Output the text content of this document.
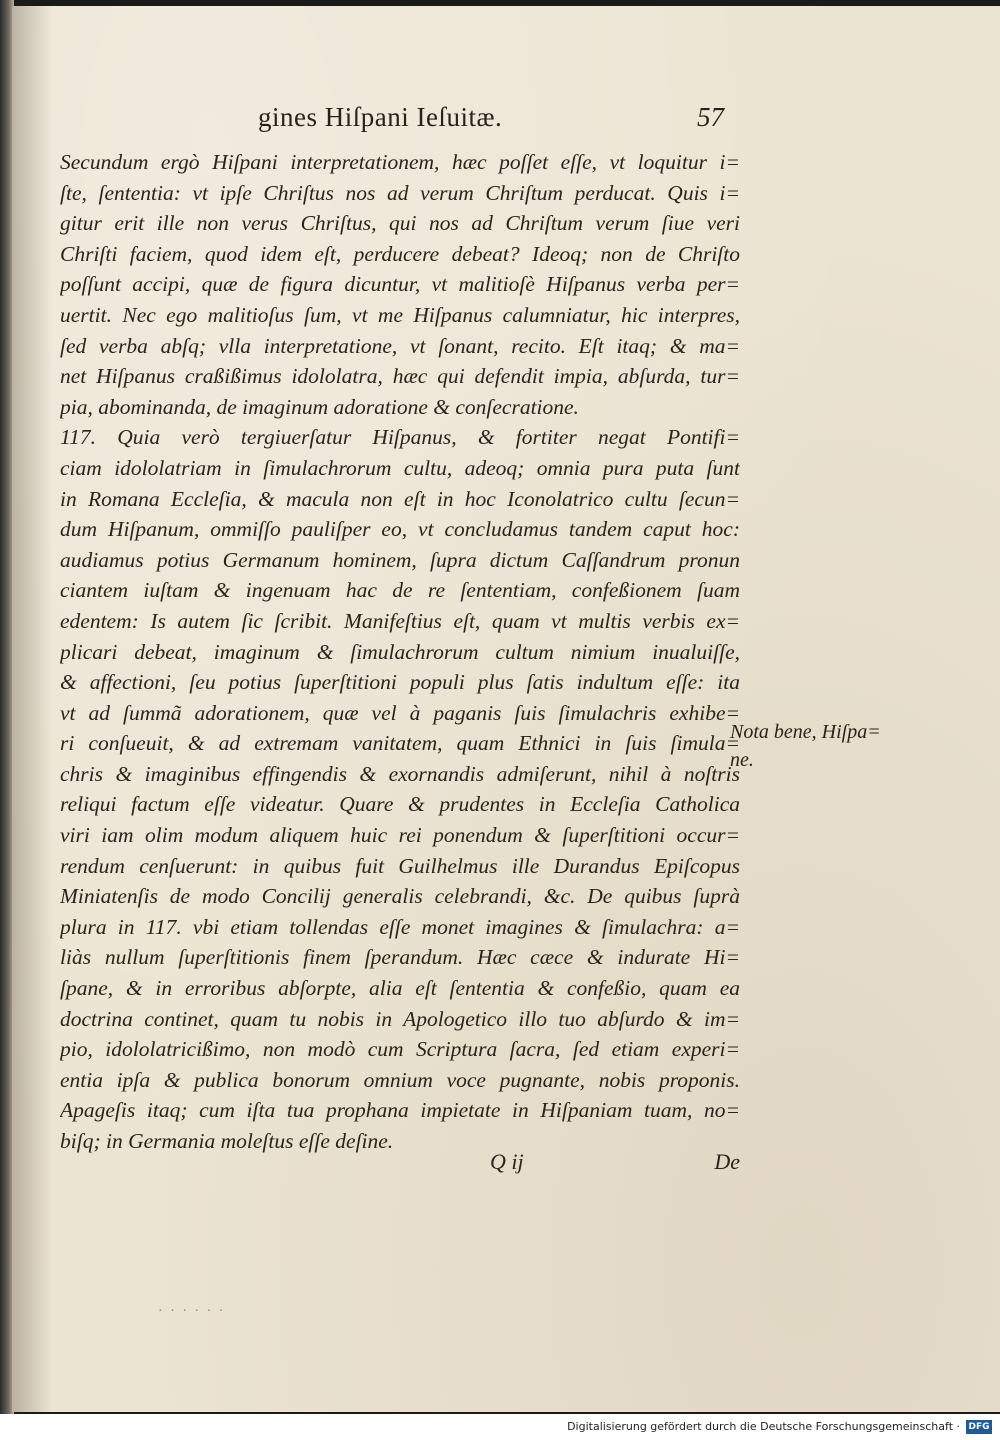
gines Hiſpani Ieſuitæ.	57
Secundum ergò Hiſpani interpretationem, hæc poſſet eſſe, vt loquitur i=
ſte, ſententia: vt ipſe Chriſtus nos ad verum Chriſtum perducat. Quis i=
gitur erit ille non verus Chriſtus, qui nos ad Chriſtum verum ſiue veri
Chriſti faciem, quod idem eſt, perducere debeat? Ideoq; non de Chriſto
poſſunt accipi, quæ de figura dicuntur, vt malitioſè Hiſpanus verba per=
uertit. Nec ego malitioſus ſum, vt me Hiſpanus calumniatur, hic interpres,
ſed verba abſq; vlla interpretatione, vt ſonant, recito. Eſt itaq; & ma=
net Hiſpanus craßißimus idololatra, hæc qui defendit impia, abſurda, tur=
pia, abominanda, de imaginum adoratione & conſecratione.
117. Quia verò tergiuerſatur Hiſpanus, & fortiter negat Pontifi=
ciam idololatriam in ſimulachrorum cultu, adeoq; omnia pura puta ſunt
in Romana Eccleſia, & macula non eſt in hoc Iconolatrico cultu ſecun=
dum Hiſpanum, ommiſſo pauliſper eo, vt concludamus tandem caput hoc:
audiamus potius Germanum hominem, ſupra dictum Caſſandrum pronun
ciantem iuſtam & ingenuam hac de re ſententiam, confeßionem ſuam
edentem: Is autem ſic ſcribit. Manifeſtius eſt, quam vt multis verbis ex=
plicari debeat, imaginum & ſimulachrorum cultum nimium inualuiſſe,
& affectioni, ſeu potius ſuperſtitioni populi plus ſatis indultum eſſe: ita
vt ad ſummã adorationem, quæ vel à paganis ſuis ſimulachris exhibe=
ri conſueuit, & ad extremam vanitatem, quam Ethnici in ſuis ſimula=
chris & imaginibus effingendis & exornandis admiſerunt, nihil à noſtris
reliqui factum eſſe videatur. Quare & prudentes in Eccleſia Catholica
viri iam olim modum aliquem huic rei ponendum & ſuperſtitioni occur=
rendum cenſuerunt: in quibus fuit Guilhelmus ille Durandus Epiſcopus
Miniatenſis de modo Concilij generalis celebrandi, &c. De quibus ſuprà
plura in 117. vbi etiam tollendas eſſe monet imagines & ſimulachra: a=
liàs nullum ſuperſtitionis finem ſperandum. Hæc cæce & indurate Hi=
ſpane, & in erroribus abſorpte, alia eſt ſententia & confeßio, quam ea
doctrina continet, quam tu nobis in Apologetico illo tuo abſurdo & im=
pio, idololatricißimo, non modò cum Scriptura ſacra, ſed etiam experi=
entia ipſa & publica bonorum omnium voce pugnante, nobis proponis.
Apageſis itaq; cum iſta tua prophana impietate in Hiſpaniam tuam, no=
biſq; in Germania moleſtus eſſe deſine.
Nota bene, Hiſpa= ne.
Q ij	De
· · · · · ·
Digitalisierung gefördert durch die Deutsche Forschungsgemeinschaft · DFG
